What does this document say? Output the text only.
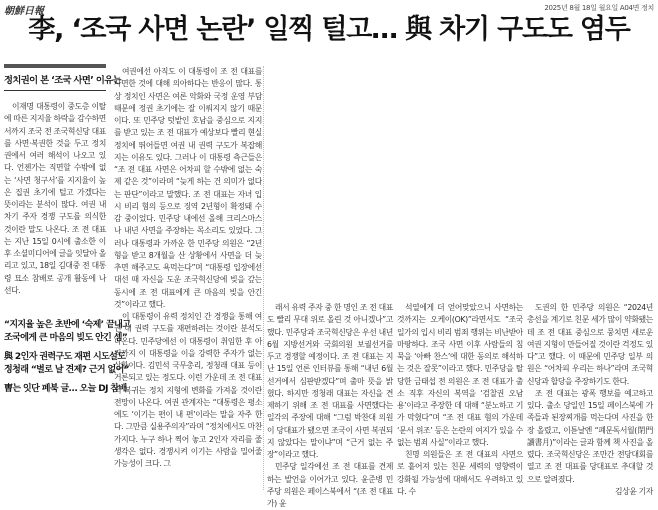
朝鮮日報	2025년 8월 18일 월요일 A04면 정치
李, ‘조국 사면 논란’ 일찍 털고… 與 차기 구도도 염두
정치권이 본 ‘조국 사면’ 이유는

이재명 대통령이 중도층 이탈에 따른 지지율 하락을 감수하면서까지 조국 전 조국혁신당 대표를 사면·복권한 것을 두고 정치권에서 여러 해석이 나오고 있다. 언젠가는 직면할 수밖에 없는 ‘사면 청구서’를 지지율이 높은 집권 초기에 털고 가겠다는 뜻이라는 분석이 많다. 여권 내 차기 주자 경쟁 구도를 의식한 것이란 말도 나온다. 조 전 대표는 지난 15일 0시에 출소한 이후 소셜미디어에 글을 잇달아 올리고 있고, 18일 김대중 전 대통령 묘소 참배로 공개 활동에 나선다.

“지지율 높은 초반에 ‘숙제’ 끝내고
조국에게 큰 마음의 빚도 안긴 셈”
與 2인자 권력구도 재편 시도설도
정청래 “별로 날 견제? 근거 없어”
曺는 잇단 페북 글… 오늘 DJ 참배

여권에선 아직도 이 대통령이 조 전 대표를 사면한 것에 대해 의아하다는 반응이 많다. 통상 정치인 사면은 여론 악화와 국정 운영 부담 때문에 정권 초기에는 잘 이뤄지지 않기 때문이다. 또 민주당 텃밭인 호남을 중심으로 지지를 받고 있는 조 전 대표가 예상보다 빨리 현실 정치에 뛰어들면 여권 내 권력 구도가 복잡해지는 이유도 있다. 그러나 이 대통령 측근들은 “조 전 대표 사면은 어차피 할 수밖에 없는 숙제 같은 것”이라며 “늦게 하는 건 의미가 없다는 판단”이라고 말했다. 조 전 대표는 자녀 입시 비리 혐의 등으로 징역 2년형이 확정돼 수감 중이었다. 민주당 내에선 올해 크리스마스나 내년 사면을 주장하는 목소리도 있었다. 그러나 대통령과 가까운 한 민주당 의원은 “2년형을 받고 8개월을 산 상황에서 사면을 더 늦추면 해주고도 욕먹는다”며 “대통령 입장에선 대선 때 자신을 도운 조국혁신당에 빚을 갚는 동시에 조 전 대표에게 큰 마음의 빚을 안긴 것”이라고 했다.

이 대통령이 유력 정치인 간 경쟁을 통해 여권 내 권력 구도를 재편하려는 것이란 분석도 나온다. 민주당에선 이 대통령이 취임한 후 아직까지 이 대통령을 이을 강력한 주자가 없는 상황이다. 김민석 국무총리, 정청래 대표 등이 거론되고 있는 정도다. 이런 가운데 조 전 대표의 복귀는 정치 지형에 변화를 가져올 것이란 전망이 나온다. 여권 관계자는 “대통령은 평소에도 ‘이기는 편이 내 편’이라는 말을 자주 한다. 그만큼 실용주의자”라며 “정치에서도 마찬가지다. 누구 하나 찍어 놓고 2인자 자리를 줄 생각은 없다. 경쟁시켜 이기는 사람을 밀어줄 가능성이 크다. 그

래서 유력 주자 중 한 명인 조 전 대표도 빨리 무대 위로 올린 것 아니겠나”고 했다. 민주당과 조국혁신당은 우선 내년 6월 지방선거와 국회의원 보궐선거를 두고 경쟁할 예정이다. 조 전 대표는 지난 15일 언론 인터뷰를 통해 “내년 6월 선거에서 심판받겠다”며 출마 뜻을 밝혔다. 하지만 정청래 대표는 자신을 견제하기 위해 조 전 대표를 사면했다는 일각의 주장에 대해 “그럼 박찬대 의원이 당대표가 됐으면 조국이 사면 복권되지 않았다는 말이냐”며 “근거 없는 주장”이라고 했다.

민주당 일각에선 조 전 대표를 견제하는 발언을 이어가고 있다. 윤준병 민주당 의원은 페이스북에서 “(조 전 대표가) 윤

석열에게 더 얻어맞았으니 사면하는 것까지는 오케이(OK)”라면서도 “조국 일가의 입시 비리 범죄 행위는 비난받아 마땅하다. 조국 사면 이후 사람들의 침묵을 ‘아빠 찬스’에 대한 동의로 해석하는 것은 잘못”이라고 했다. 민주당을 탈당한 금태섭 전 의원은 조 전 대표가 출소 직후 자신의 복역을 ‘검찰권 오남용’이라고 주장한 데 대해 “분노하고 기가 막혔다”며 “조 전 대표 혐의 가운데 ‘문서 위조’ 등은 논란의 여지가 있을 수 없는 범죄 사실”이라고 했다.

친명 의원들은 조 전 대표의 사면으로 흩어져 있는 친문 세력의 영향력이 강화될 가능성에 대해서도 우려하고 있다. 수

도권의 한 민주당 의원은 “2024년 총선을 계기로 친문 세가 많이 약화됐는데 조 전 대표 중심으로 뭉치면 새로운 여권 지형이 만들어질 것이란 걱정도 있다”고 했다. 이 때문에 민주당 일부 의원은 “어차피 우리는 하나”라며 조국혁신당과 합당을 주장하기도 한다.

조 전 대표는 광폭 행보를 예고하고 있다. 출소 당일인 15일 페이스북에 가족들과 된장찌개를 먹는다며 사진을 한 장 올렸고, 이튿날엔 “폐문독서월(閉門讀書月)”이라는 글과 함께 책 사진을 올렸다. 조국혁신당은 조만간 전당대회를 열고 조 전 대표를 당대표로 추대할 것으로 알려졌다.

김상윤 기자
